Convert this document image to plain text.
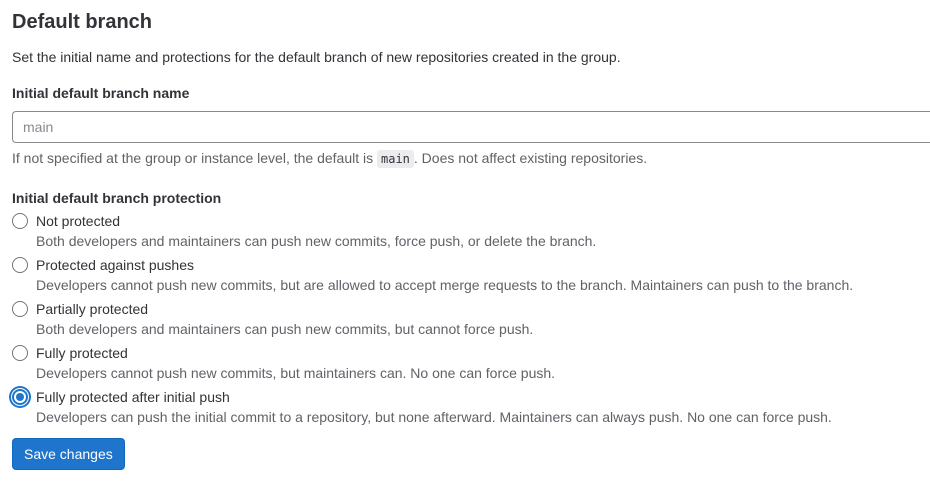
Default branch
Set the initial name and protections for the default branch of new repositories created in the group.
Initial default branch name
main
If not specified at the group or instance level, the default is main . Does not affect existing repositories.
Initial default branch protection
Not protected
Both developers and maintainers can push new commits, force push, or delete the branch.
Protected against pushes
Developers cannot push new commits, but are allowed to accept merge requests to the branch. Maintainers can push to the branch.
Partially protected
Both developers and maintainers can push new commits, but cannot force push.
Fully protected
Developers cannot push new commits, but maintainers can. No one can force push.
Fully protected after initial push
Developers can push the initial commit to a repository, but none afterward. Maintainers can always push. No one can force push.
Save changes
